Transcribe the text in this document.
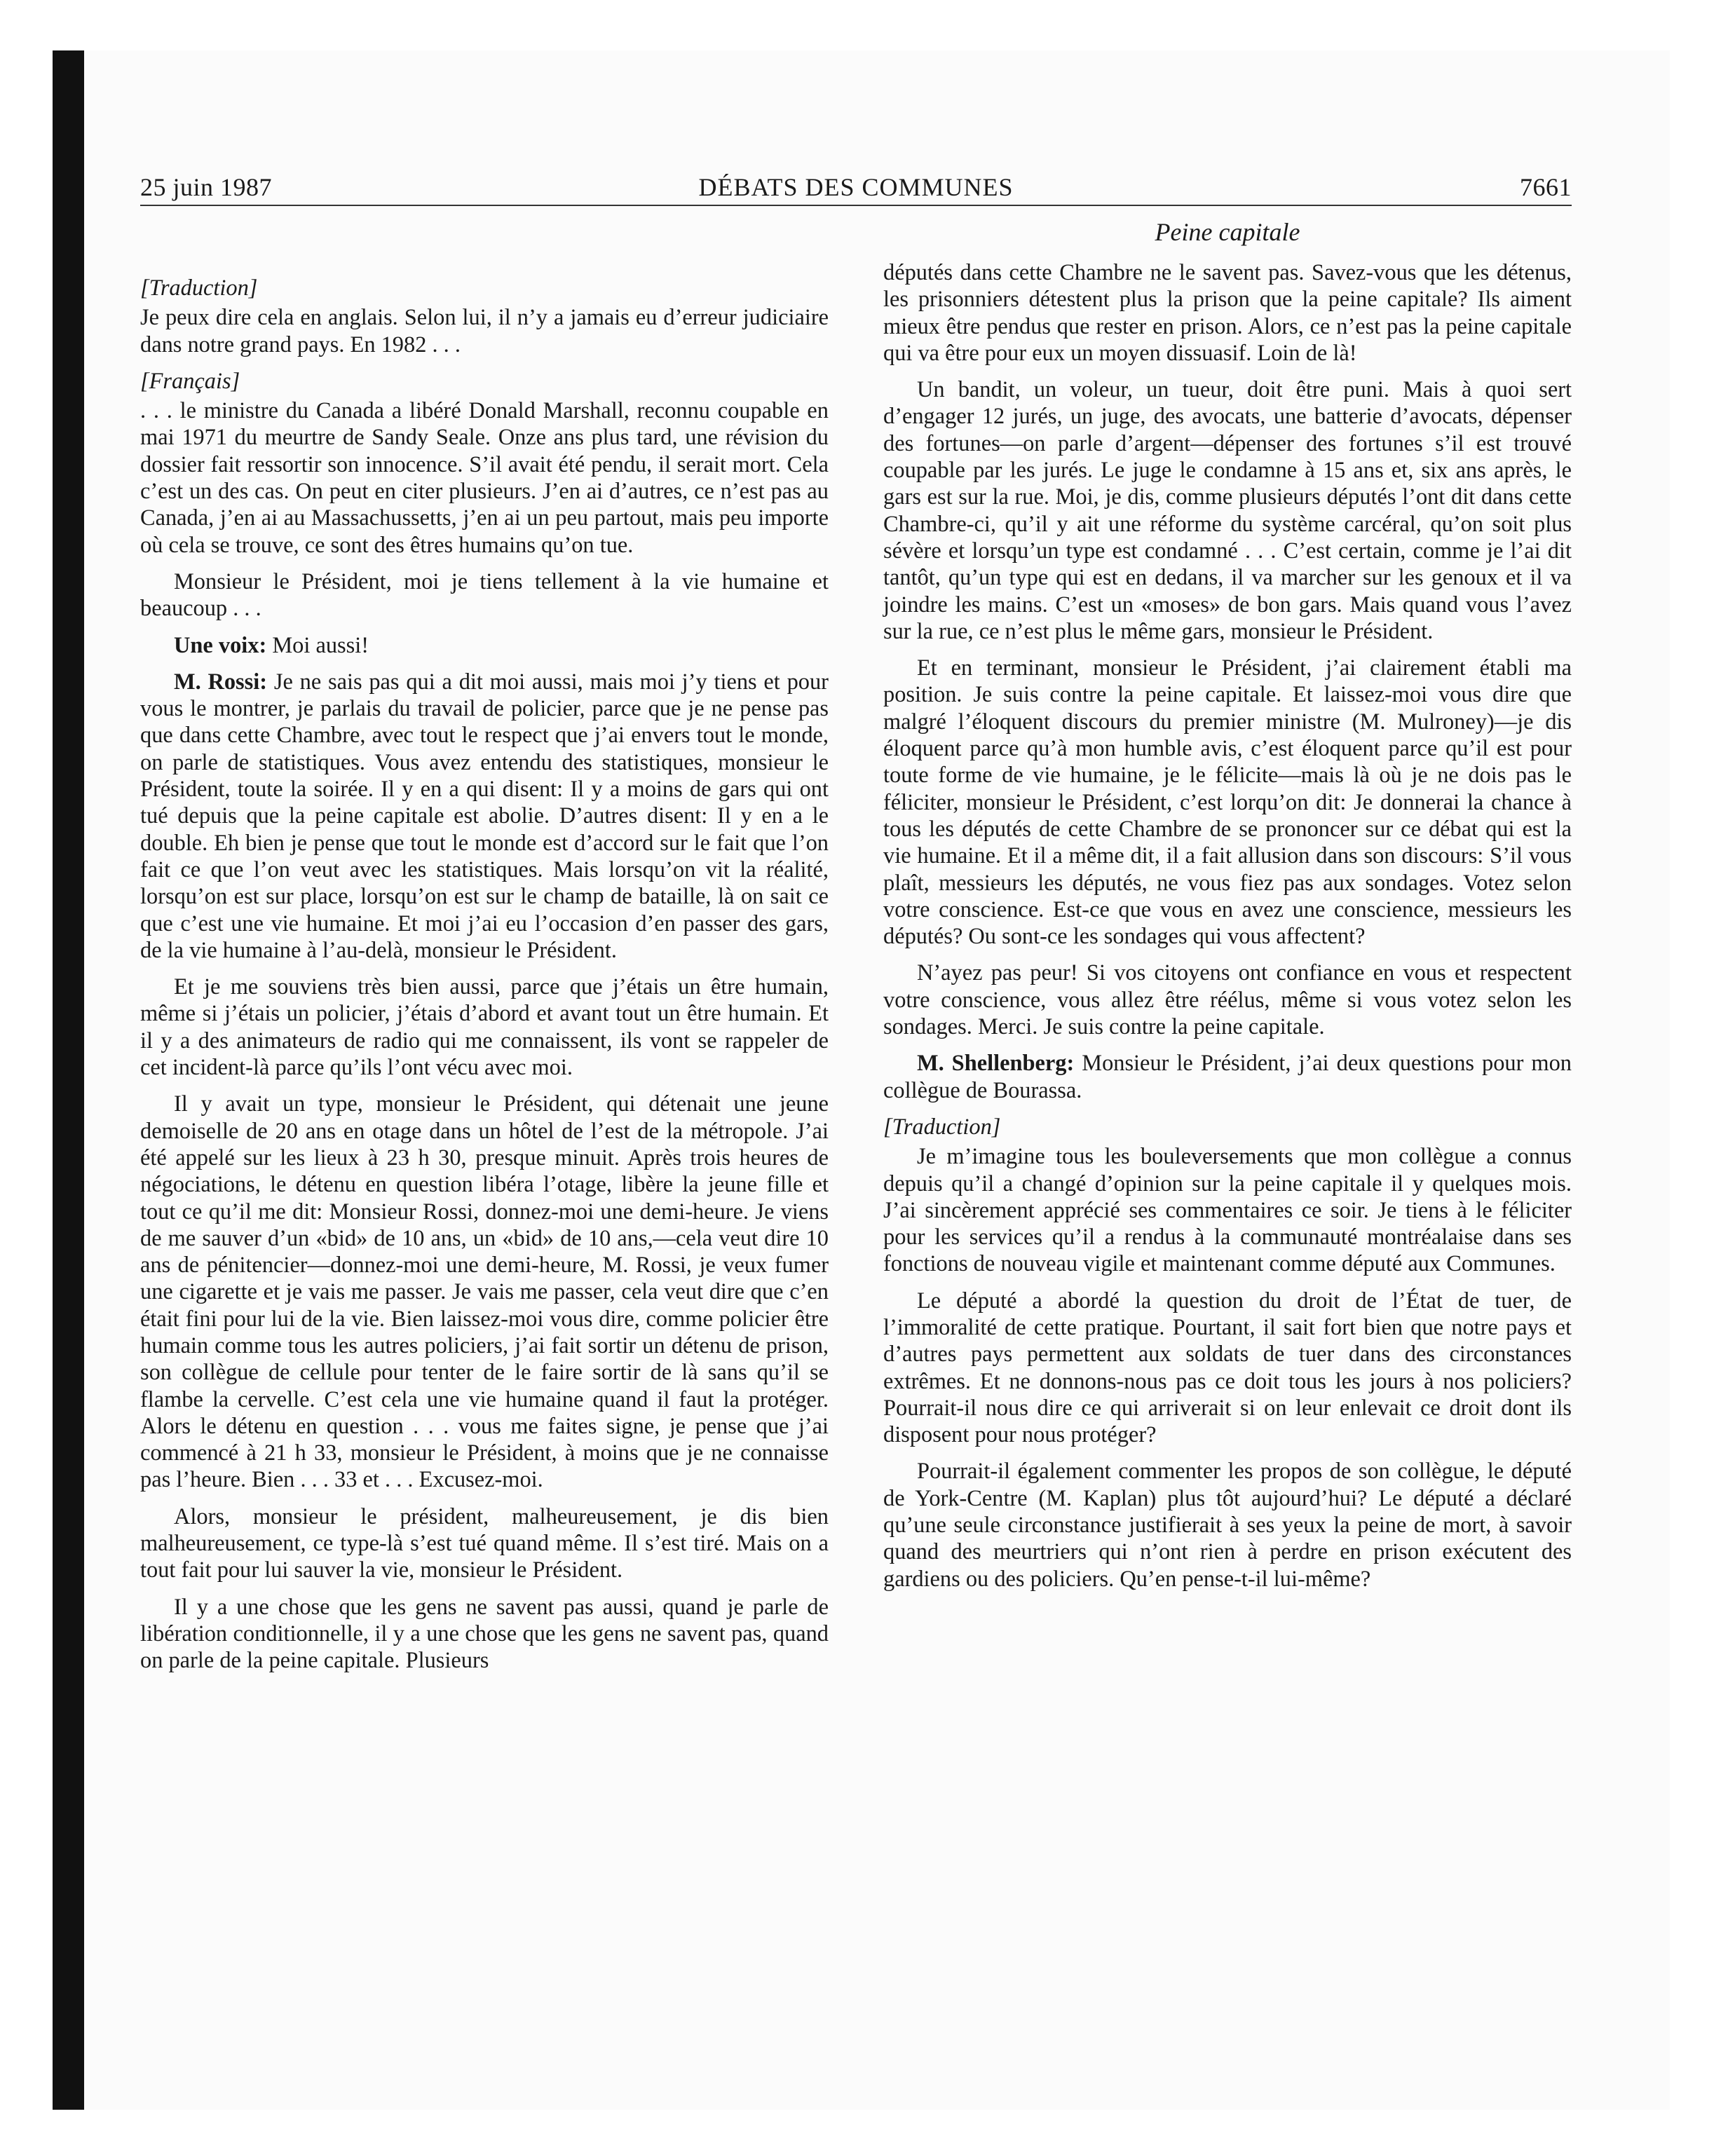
25 juin 1987	DÉBATS DES COMMUNES	7661
Peine capitale

[Traduction]

Je peux dire cela en anglais. Selon lui, il n’y a jamais eu d’erreur judiciaire dans notre grand pays. En 1982 . . .

[Français]

. . . le ministre du Canada a libéré Donald Marshall, reconnu coupable en mai 1971 du meurtre de Sandy Seale. Onze ans plus tard, une révision du dossier fait ressortir son innocence. S’il avait été pendu, il serait mort. Cela c’est un des cas. On peut en citer plusieurs. J’en ai d’autres, ce n’est pas au Canada, j’en ai au Massachussetts, j’en ai un peu partout, mais peu importe où cela se trouve, ce sont des êtres humains qu’on tue.

Monsieur le Président, moi je tiens tellement à la vie humaine et beaucoup . . .

Une voix: Moi aussi!

M. Rossi: Je ne sais pas qui a dit moi aussi, mais moi j’y tiens et pour vous le montrer, je parlais du travail de policier, parce que je ne pense pas que dans cette Chambre, avec tout le respect que j’ai envers tout le monde, on parle de statistiques. Vous avez entendu des statistiques, monsieur le Président, toute la soirée. Il y en a qui disent: Il y a moins de gars qui ont tué depuis que la peine capitale est abolie. D’autres disent: Il y en a le double. Eh bien je pense que tout le monde est d’accord sur le fait que l’on fait ce que l’on veut avec les statistiques. Mais lorsqu’on vit la réalité, lorsqu’on est sur place, lorsqu’on est sur le champ de bataille, là on sait ce que c’est une vie humaine. Et moi j’ai eu l’occasion d’en passer des gars, de la vie humaine à l’au-delà, monsieur le Président.

Et je me souviens très bien aussi, parce que j’étais un être humain, même si j’étais un policier, j’étais d’abord et avant tout un être humain. Et il y a des animateurs de radio qui me connaissent, ils vont se rappeler de cet incident-là parce qu’ils l’ont vécu avec moi.

Il y avait un type, monsieur le Président, qui détenait une jeune demoiselle de 20 ans en otage dans un hôtel de l’est de la métropole. J’ai été appelé sur les lieux à 23 h 30, presque minuit. Après trois heures de négociations, le détenu en question libéra l’otage, libère la jeune fille et tout ce qu’il me dit: Monsieur Rossi, donnez-moi une demi-heure. Je viens de me sauver d’un «bid» de 10 ans, un «bid» de 10 ans,—cela veut dire 10 ans de pénitencier—donnez-moi une demi-heure, M. Rossi, je veux fumer une cigarette et je vais me passer. Je vais me passer, cela veut dire que c’en était fini pour lui de la vie. Bien laissez-moi vous dire, comme policier être humain comme tous les autres policiers, j’ai fait sortir un détenu de prison, son collègue de cellule pour tenter de le faire sortir de là sans qu’il se flambe la cervelle. C’est cela une vie humaine quand il faut la protéger. Alors le détenu en question . . . vous me faites signe, je pense que j’ai commencé à 21 h 33, monsieur le Président, à moins que je ne connaisse pas l’heure. Bien . . . 33 et . . . Excusez-moi.

Alors, monsieur le président, malheureusement, je dis bien malheureusement, ce type-là s’est tué quand même. Il s’est tiré. Mais on a tout fait pour lui sauver la vie, monsieur le Président.

Il y a une chose que les gens ne savent pas aussi, quand je parle de libération conditionnelle, il y a une chose que les gens ne savent pas, quand on parle de la peine capitale. Plusieurs

députés dans cette Chambre ne le savent pas. Savez-vous que les détenus, les prisonniers détestent plus la prison que la peine capitale? Ils aiment mieux être pendus que rester en prison. Alors, ce n’est pas la peine capitale qui va être pour eux un moyen dissuasif. Loin de là!

Un bandit, un voleur, un tueur, doit être puni. Mais à quoi sert d’engager 12 jurés, un juge, des avocats, une batterie d’avocats, dépenser des fortunes—on parle d’argent—dépenser des fortunes s’il est trouvé coupable par les jurés. Le juge le condamne à 15 ans et, six ans après, le gars est sur la rue. Moi, je dis, comme plusieurs députés l’ont dit dans cette Chambre-ci, qu’il y ait une réforme du système carcéral, qu’on soit plus sévère et lorsqu’un type est condamné . . . C’est certain, comme je l’ai dit tantôt, qu’un type qui est en dedans, il va marcher sur les genoux et il va joindre les mains. C’est un «moses» de bon gars. Mais quand vous l’avez sur la rue, ce n’est plus le même gars, monsieur le Président.

Et en terminant, monsieur le Président, j’ai clairement établi ma position. Je suis contre la peine capitale. Et laissez-moi vous dire que malgré l’éloquent discours du premier ministre (M. Mulroney)—je dis éloquent parce qu’à mon humble avis, c’est éloquent parce qu’il est pour toute forme de vie humaine, je le félicite—mais là où je ne dois pas le féliciter, monsieur le Président, c’est lorqu’on dit: Je donnerai la chance à tous les députés de cette Chambre de se prononcer sur ce débat qui est la vie humaine. Et il a même dit, il a fait allusion dans son discours: S’il vous plaît, messieurs les députés, ne vous fiez pas aux sondages. Votez selon votre conscience. Est-ce que vous en avez une conscience, messieurs les députés? Ou sont-ce les sondages qui vous affectent?

N’ayez pas peur! Si vos citoyens ont confiance en vous et respectent votre conscience, vous allez être réélus, même si vous votez selon les sondages. Merci. Je suis contre la peine capitale.

M. Shellenberg: Monsieur le Président, j’ai deux questions pour mon collègue de Bourassa.

[Traduction]

Je m’imagine tous les bouleversements que mon collègue a connus depuis qu’il a changé d’opinion sur la peine capitale il y quelques mois. J’ai sincèrement apprécié ses commentaires ce soir. Je tiens à le féliciter pour les services qu’il a rendus à la communauté montréalaise dans ses fonctions de nouveau vigile et maintenant comme député aux Communes.

Le député a abordé la question du droit de l’État de tuer, de l’immoralité de cette pratique. Pourtant, il sait fort bien que notre pays et d’autres pays permettent aux soldats de tuer dans des circonstances extrêmes. Et ne donnons-nous pas ce doit tous les jours à nos policiers? Pourrait-il nous dire ce qui arriverait si on leur enlevait ce droit dont ils disposent pour nous protéger?

Pourrait-il également commenter les propos de son collègue, le député de York-Centre (M. Kaplan) plus tôt aujourd’hui? Le député a déclaré qu’une seule circonstance justifierait à ses yeux la peine de mort, à savoir quand des meurtriers qui n’ont rien à perdre en prison exécutent des gardiens ou des policiers. Qu’en pense-t-il lui-même?
